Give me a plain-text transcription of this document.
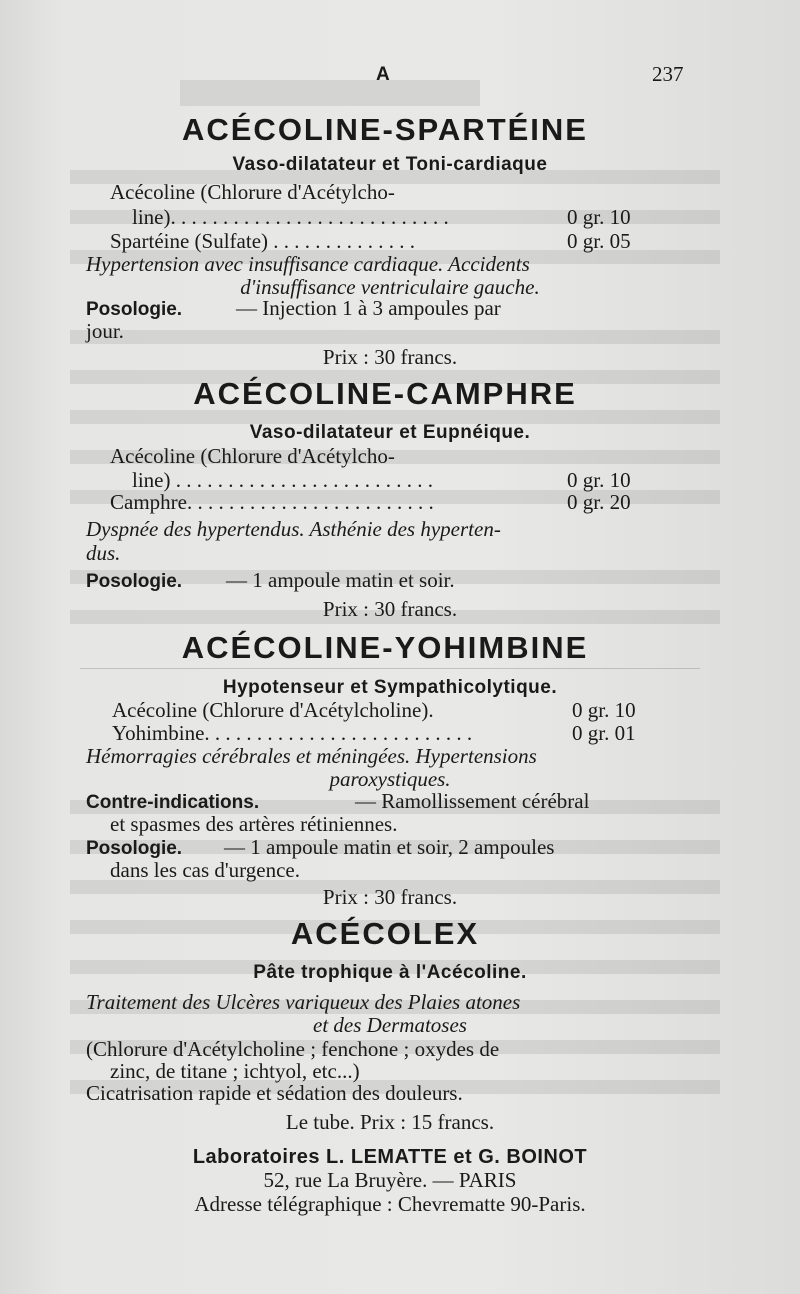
A	237
ACÉCOLINE-SPARTÉINE
Vaso-dilatateur et Toni-cardiaque
Acécoline (Chlorure d'Acétylcho-
line). . . . . . . . . . . . . . . . . . . . . . . . . . .	0 gr. 10
Spartéine (Sulfate) . . . . . . . . . . . . . .	0 gr. 05
Hypertension avec insuffisance cardiaque. Accidents
d'insuffisance ventriculaire gauche.
Posologie.	— Injection 1 à 3 ampoules par
jour.
Prix : 30 francs.
ACÉCOLINE-CAMPHRE
Vaso-dilatateur et Eupnéique.
Acécoline (Chlorure d'Acétylcho-
line) . . . . . . . . . . . . . . . . . . . . . . . . .	0 gr. 10
Camphre. . . . . . . . . . . . . . . . . . . . . . . .	0 gr. 20
Dyspnée des hypertendus. Asthénie des hyperten-
dus.
Posologie. — 1 ampoule matin et soir.
Prix : 30 francs.
ACÉCOLINE-YOHIMBINE
Hypotenseur et Sympathicolytique.
Acécoline (Chlorure d'Acétylcholine).	0 gr. 10
Yohimbine. . . . . . . . . . . . . . . . . . . . . . . . . .	0 gr. 01
Hémorragies cérébrales et méningées. Hypertensions
paroxystiques.
Contre-indications.	— Ramollissement cérébral
et spasmes des artères rétiniennes.
Posologie. — 1 ampoule matin et soir, 2 ampoules
dans les cas d'urgence.
Prix : 30 francs.
ACÉCOLEX
Pâte trophique à l'Acécoline.
Traitement des Ulcères variqueux des Plaies atones
et des Dermatoses
(Chlorure d'Acétylcholine ; fenchone ; oxydes de
zinc, de titane ; ichtyol, etc...)
Cicatrisation rapide et sédation des douleurs.
Le tube. Prix : 15 francs.
Laboratoires L. LEMATTE et G. BOINOT
52, rue La Bruyère. — PARIS
Adresse télégraphique : Chevrematte 90-Paris.
